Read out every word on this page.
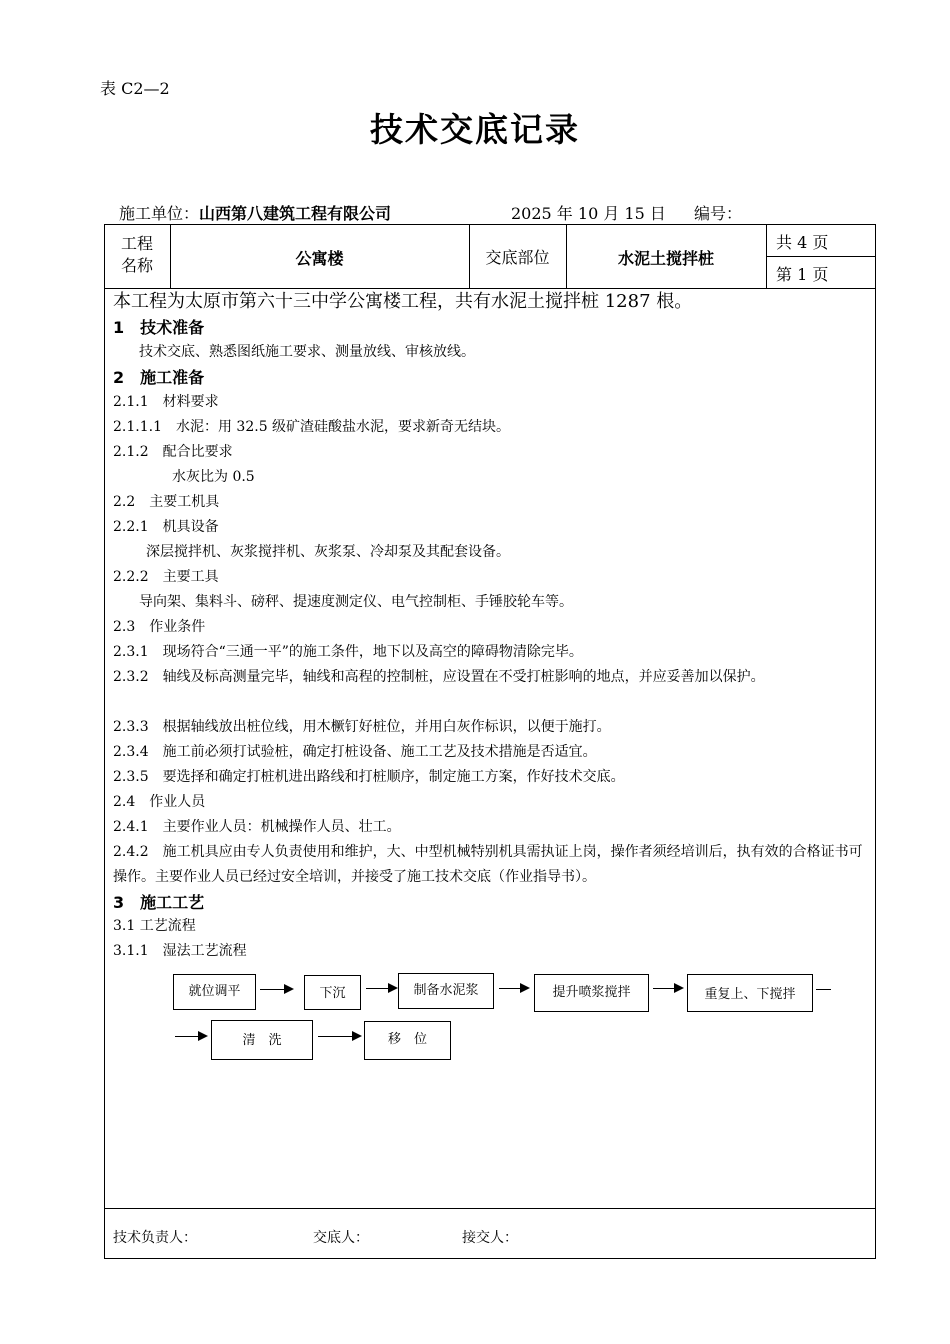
表 C2—2
技术交底记录
施工单位：山西第八建筑工程有限公司	2025 年 10 月 15 日 编号：
工程
名称	公寓楼	交底部位	水泥土搅拌桩
共 4 页
第 1 页
本工程为太原市第六十三中学公寓楼工程，共有水泥土搅拌桩 1287 根。
1　技术准备
技术交底、熟悉图纸施工要求、测量放线、审核放线。
2　施工准备
2.1.1　材料要求
2.1.1.1　水泥：用 32.5 级矿渣硅酸盐水泥，要求新奇无结块。
2.1.2　配合比要求
水灰比为 0.5
2.2　主要工机具
2.2.1　机具设备
深层搅拌机、灰浆搅拌机、灰浆泵、冷却泵及其配套设备。
2.2.2　主要工具
导向架、集料斗、磅秤、提速度测定仪、电气控制柜、手锤胶轮车等。
2.3　作业条件
2.3.1　现场符合“三通一平”的施工条件，地下以及高空的障碍物清除完毕。
2.3.2　轴线及标高测量完毕，轴线和高程的控制桩，应设置在不受打桩影响的地点，并应妥善加以保护。
2.3.3　根据轴线放出桩位线，用木橛钉好桩位，并用白灰作标识，以便于施打。
2.3.4　施工前必须打试验桩，确定打桩设备、施工工艺及技术措施是否适宜。
2.3.5　要选择和确定打桩机进出路线和打桩顺序，制定施工方案，作好技术交底。
2.4　作业人员
2.4.1　主要作业人员：机械操作人员、壮工。
2.4.2　施工机具应由专人负责使用和维护，大、中型机械特别机具需执证上岗，操作者须经培训后，执有效的合格证书可操作。主要作业人员已经过安全培训，并接受了施工技术交底（作业指导书）。
3　施工工艺
3.1 工艺流程
3.1.1　湿法工艺流程
就位调平	下沉	制备水泥浆	提升喷浆搅拌	重复上、下搅拌
清　洗	移　位
技术负责人：	交底人：	接交人：
